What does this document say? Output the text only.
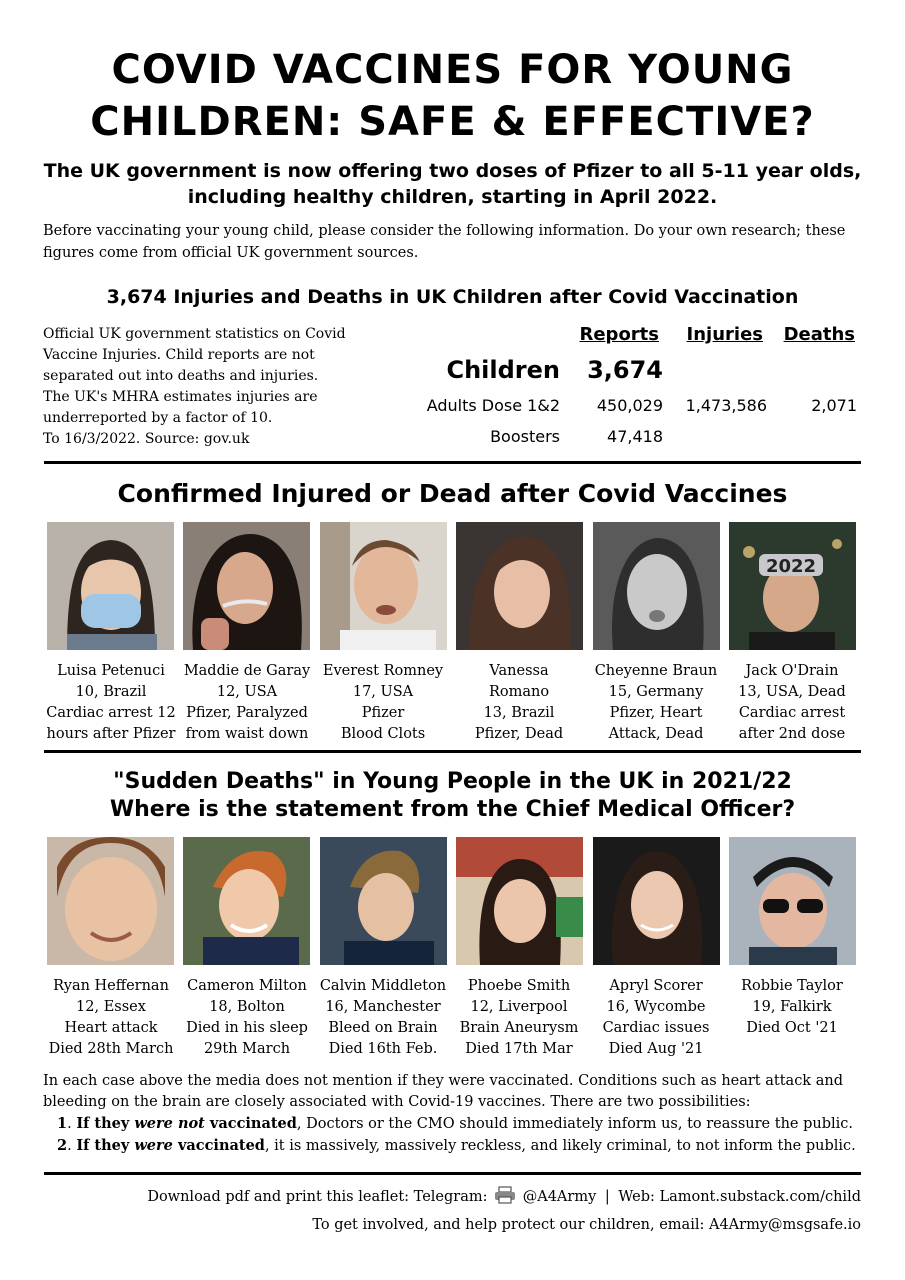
COVID VACCINES FOR YOUNG
CHILDREN: SAFE & EFFECTIVE?
The UK government is now offering two doses of Pfizer to all 5-11 year olds, including healthy children, starting in April 2022.
Before vaccinating your young child, please consider the following information. Do your own research; these figures come from official UK government sources.
3,674 Injuries and Deaths in UK Children after Covid Vaccination
Official UK government statistics on Covid
Vaccine Injuries. Child reports are not
separated out into deaths and injuries.
The UK's MHRA estimates injuries are
underreported by a factor of 10.
To 16/3/2022. Source: gov.uk
Reports Injuries Deaths
Children 3,674
Adults Dose 1&2 450,029 1,473,586	2,071
Boosters	47,418
Confirmed Injured or Dead after Covid Vaccines
2022
Luisa Petenuci
10, Brazil
Cardiac arrest 12
hours after Pfizer
Maddie de Garay
12, USA
Pfizer, Paralyzed
from waist down
Everest Romney
17, USA
Pfizer
Blood Clots
Vanessa
Romano
13, Brazil
Pfizer, Dead
Cheyenne Braun
15, Germany
Pfizer, Heart
Attack, Dead
Jack O'Drain
13, USA, Dead
Cardiac arrest
after 2nd dose
"Sudden Deaths" in Young People in the UK in 2021/22
Where is the statement from the Chief Medical Officer?
Ryan Heffernan
12, Essex
Heart attack
Died 28th March
Cameron Milton
18, Bolton
Died in his sleep
29th March
Calvin Middleton
16, Manchester
Bleed on Brain
Died 16th Feb.
Phoebe Smith
12, Liverpool
Brain Aneurysm
Died 17th Mar
Apryl Scorer
16, Wycombe
Cardiac issues
Died Aug '21
Robbie Taylor
19, Falkirk
Died Oct '21
In each case above the media does not mention if they were vaccinated. Conditions such as heart attack and bleeding on the brain are closely associated with Covid-19 vaccines. There are two possibilities:
1. If they were not vaccinated, Doctors or the CMO should immediately inform us, to reassure the public.
2. If they were vaccinated, it is massively, massively reckless, and likely criminal, to not inform the public.
Download pdf and print this leaflet: Telegram: @A4Army | Web: Lamont.substack.com/child
To get involved, and help protect our children, email: A4Army@msgsafe.io
